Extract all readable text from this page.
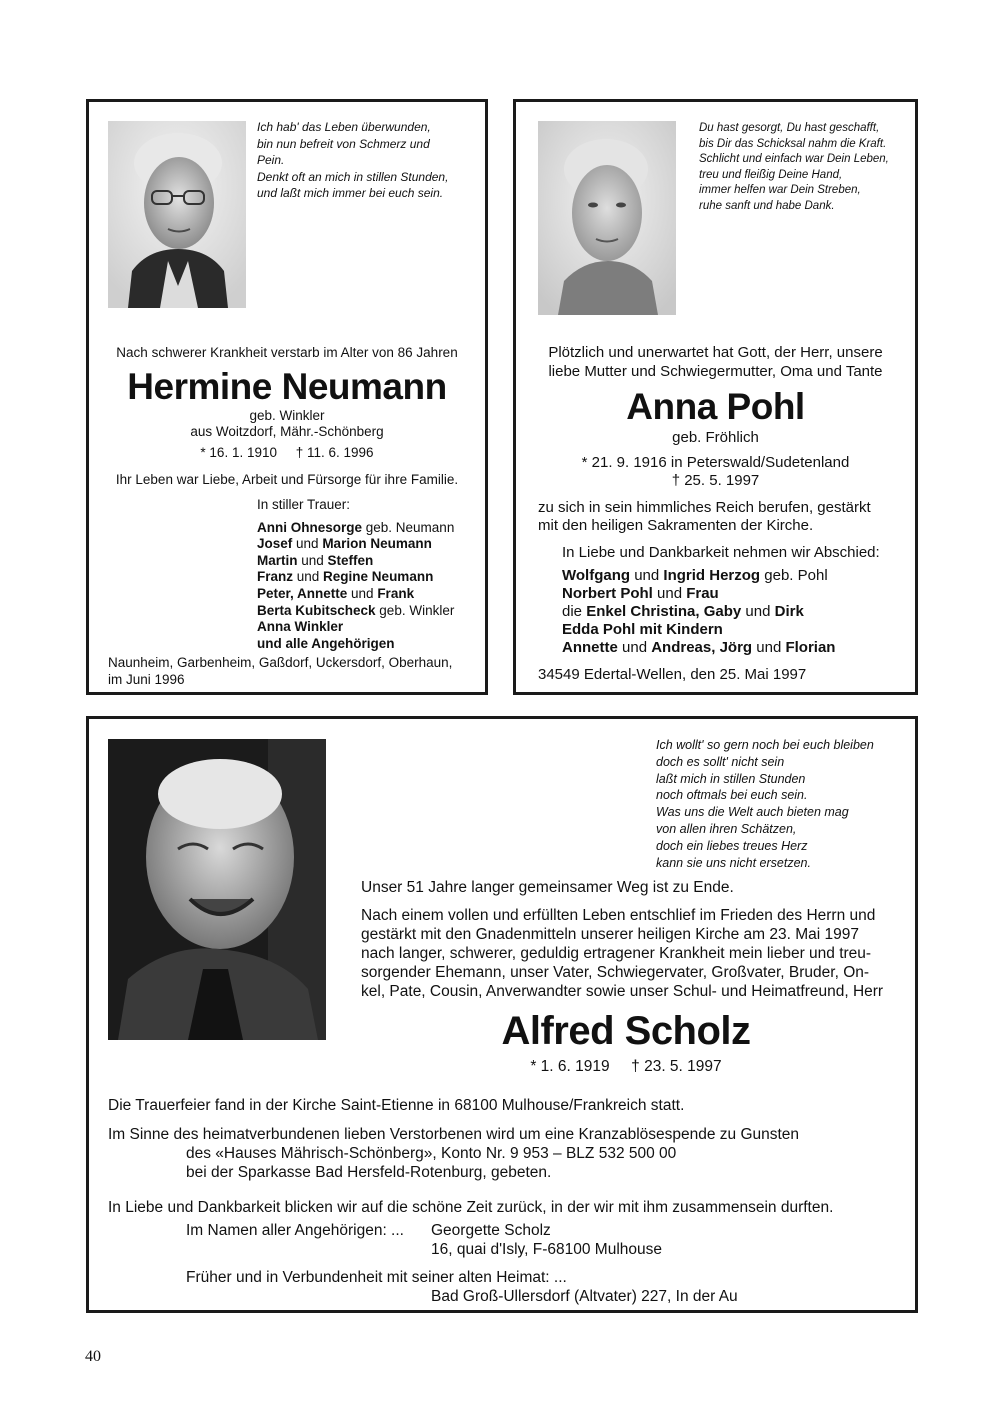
Ich hab' das Leben überwunden,
bin nun befreit von Schmerz und
Pein.
Denkt oft an mich in stillen Stunden,
und laßt mich immer bei euch sein.
Nach schwerer Krankheit verstarb im Alter von 86 Jahren
Hermine Neumann
geb. Winkler
aus Woitzdorf, Mähr.-Schönberg
* 16. 1. 1910     † 11. 6. 1996
Ihr Leben war Liebe, Arbeit und Fürsorge für ihre Familie.
In stiller Trauer:
Anni Ohnesorge geb. Neumann
Josef und Marion Neumann
Martin und Steffen
Franz und Regine Neumann
Peter, Annette und Frank
Berta Kubitscheck geb. Winkler
Anna Winkler
und alle Angehörigen
Naunheim, Garbenheim, Gaßdorf, Uckersdorf, Oberhaun,
im Juni 1996
Du hast gesorgt, Du hast geschafft,
bis Dir das Schicksal nahm die Kraft.
Schlicht und einfach war Dein Leben,
treu und fleißig Deine Hand,
immer helfen war Dein Streben,
ruhe sanft und habe Dank.
Plötzlich und unerwartet hat Gott, der Herr, unsere
liebe Mutter und Schwiegermutter, Oma und Tante
Anna Pohl
geb. Fröhlich
* 21. 9. 1916 in Peterswald/Sudetenland
† 25. 5. 1997
zu sich in sein himmliches Reich berufen, gestärkt
mit den heiligen Sakramenten der Kirche.
In Liebe und Dankbarkeit nehmen wir Abschied:
Wolfgang und Ingrid Herzog geb. Pohl
Norbert Pohl und Frau
die Enkel Christina, Gaby und Dirk
Edda Pohl mit Kindern
Annette und Andreas, Jörg und Florian
34549 Edertal-Wellen, den 25. Mai 1997
Ich wollt' so gern noch bei euch bleiben
doch es sollt' nicht sein
laßt mich in stillen Stunden
noch oftmals bei euch sein.
Was uns die Welt auch bieten mag
von allen ihren Schätzen,
doch ein liebes treues Herz
kann sie uns nicht ersetzen.
Unser 51 Jahre langer gemeinsamer Weg ist zu Ende.
Nach einem vollen und erfüllten Leben entschlief im Frieden des Herrn und
gestärkt mit den Gnadenmitteln unserer heiligen Kirche am 23. Mai 1997
nach langer, schwerer, geduldig ertragener Krankheit mein lieber und treu-
sorgender Ehemann, unser Vater, Schwiegervater, Großvater, Bruder, On-
kel, Pate, Cousin, Anverwandter sowie unser Schul- und Heimatfreund, Herr
Alfred Scholz
* 1. 6. 1919     † 23. 5. 1997
Die Trauerfeier fand in der Kirche Saint-Etienne in 68100 Mulhouse/Frankreich statt.
Im Sinne des heimatverbundenen lieben Verstorbenen wird um eine Kranzablösespende zu Gunsten
des «Hauses Mährisch-Schönberg», Konto Nr. 9 953 – BLZ 532 500 00
bei der Sparkasse Bad Hersfeld-Rotenburg, gebeten.
In Liebe und Dankbarkeit blicken wir auf die schöne Zeit zurück, in der wir mit ihm zusammensein durften.
Im Namen aller Angehörigen: ... Georgette Scholz
16, quai d'Isly, F-68100 Mulhouse
Früher und in Verbundenheit mit seiner alten Heimat: ...
Bad Groß-Ullersdorf (Altvater) 227, In der Au
40
